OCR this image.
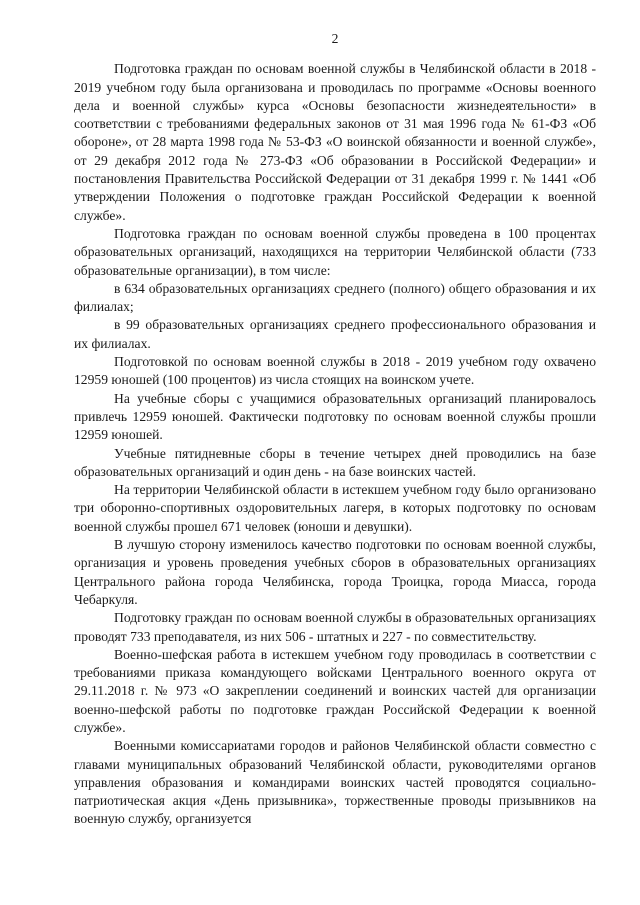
2

Подготовка граждан по основам военной службы в Челябинской области в 2018 - 2019 учебном году была организована и проводилась по программе «Основы военного дела и военной службы» курса «Основы безопасности жизнедеятельности» в соответствии с требованиями федеральных законов от 31 мая 1996 года № 61-ФЗ «Об обороне», от 28 марта 1998 года № 53-ФЗ «О воинской обязанности и военной службе», от 29 декабря 2012 года № 273-ФЗ «Об образовании в Российской Федерации» и постановления Правительства Российской Федерации от 31 декабря 1999 г. № 1441 «Об утверждении Положения о подготовке граждан Российской Федерации к военной службе».

Подготовка граждан по основам военной службы проведена в 100 процентах образовательных организаций, находящихся на территории Челябинской области (733 образовательные организации), в том числе:

в 634 образовательных организациях среднего (полного) общего образования и их филиалах;

в 99 образовательных организациях среднего профессионального образования и их филиалах.

Подготовкой по основам военной службы в 2018 - 2019 учебном году охвачено 12959 юношей (100 процентов) из числа стоящих на воинском учете.

На учебные сборы с учащимися образовательных организаций планировалось привлечь 12959 юношей. Фактически подготовку по основам военной службы прошли 12959 юношей.

Учебные пятидневные сборы в течение четырех дней проводились на базе образовательных организаций и один день - на базе воинских частей.

На территории Челябинской области в истекшем учебном году было организовано три оборонно-спортивных оздоровительных лагеря, в которых подготовку по основам военной службы прошел 671 человек (юноши и девушки).

В лучшую сторону изменилось качество подготовки по основам военной службы, организация и уровень проведения учебных сборов в образовательных организациях Центрального района города Челябинска, города Троицка, города Миасса, города Чебаркуля.

Подготовку граждан по основам военной службы в образовательных организациях проводят 733 преподавателя, из них 506 - штатных и 227 - по совместительству.

Военно-шефская работа в истекшем учебном году проводилась в соответствии с требованиями приказа командующего войсками Центрального военного округа от 29.11.2018 г. № 973 «О закреплении соединений и воинских частей для организации военно-шефской работы по подготовке граждан Российской Федерации к военной службе».

Военными комиссариатами городов и районов Челябинской области совместно с главами муниципальных образований Челябинской области, руководителями органов управления образования и командирами воинских частей проводятся социально-патриотическая акция «День призывника», торжественные проводы призывников на военную службу, организуется
